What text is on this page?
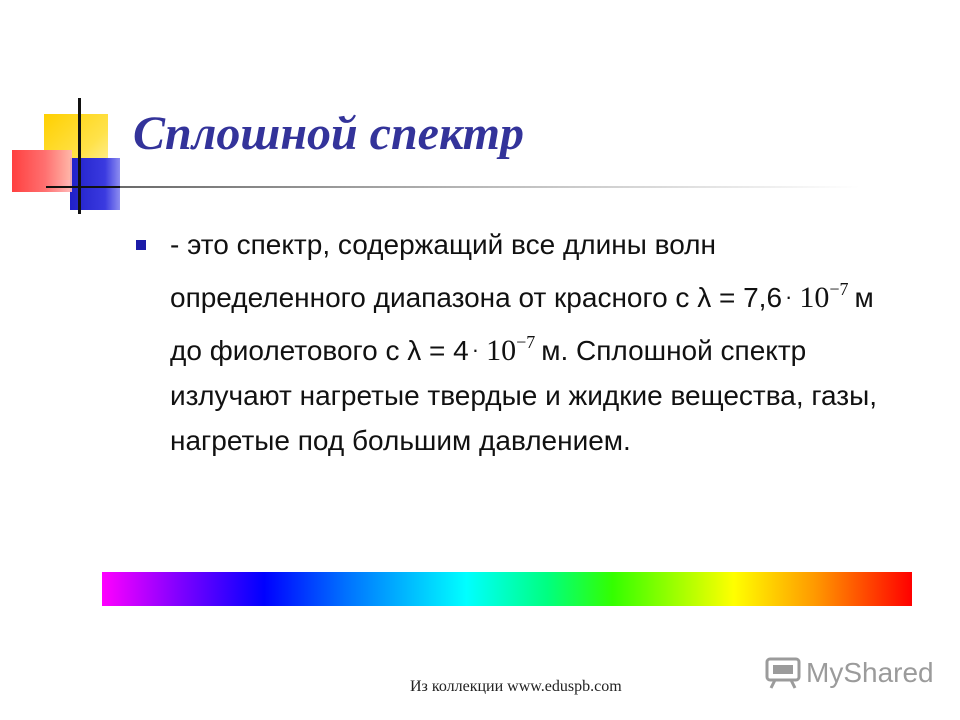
Сплошной спектр

- это спектр, содержащий все длины волн определенного диапазона от красного с $\lambda = 7,6 \cdot 10^{-7}$ м до фиолетового с $\lambda = 4 \cdot 10^{-7}$ м. Сплошной спектр излучают нагретые твердые и жидкие вещества, газы, нагретые под большим давлением.

Из коллекции www.eduspb.com	MyShared
